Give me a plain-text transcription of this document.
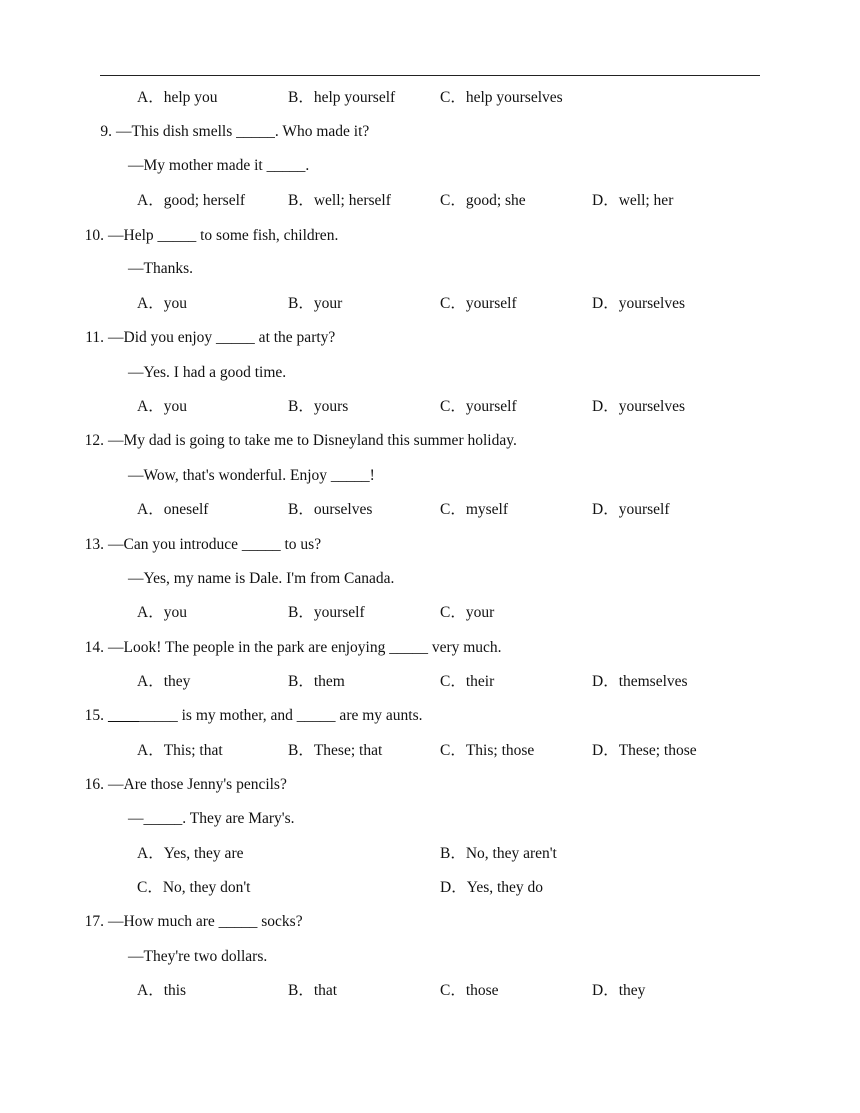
A．help you	B．help yourself	C．help yourselves
9. —This dish smells _____. Who made it?
—My mother made it _____.
A．good; herself	B．well; herself	C．good; she	D．well; her
10. —Help _____ to some fish, children.
—Thanks.
A．you	B．your	C．yourself	D．yourselves
11. —Did you enjoy _____ at the party?
—Yes. I had a good time.
A．you	B．yours	C．yourself	D．yourselves
12. —My dad is going to take me to Disneyland this summer holiday.
—Wow, that's wonderful. Enjoy _____!
A．oneself	B．ourselves	C．myself	D．yourself
13. —Can you introduce _____ to us?
—Yes, my name is Dale. I'm from Canada.
A．you	B．yourself	C．your
14. —Look! The people in the park are enjoying _____ very much.
A．they	B．them	C．their	D．themselves
15. _________ is my mother, and _____ are my aunts.
A．This; that	B．These; that	C．This; those	D．These; those
16. —Are those Jenny's pencils?
—_____. They are Mary's.
A．Yes, they are	B．No, they aren't
C．No, they don't	D．Yes, they do
17. —How much are _____ socks?
—They're two dollars.
A．this	B．that	C．those	D．they
